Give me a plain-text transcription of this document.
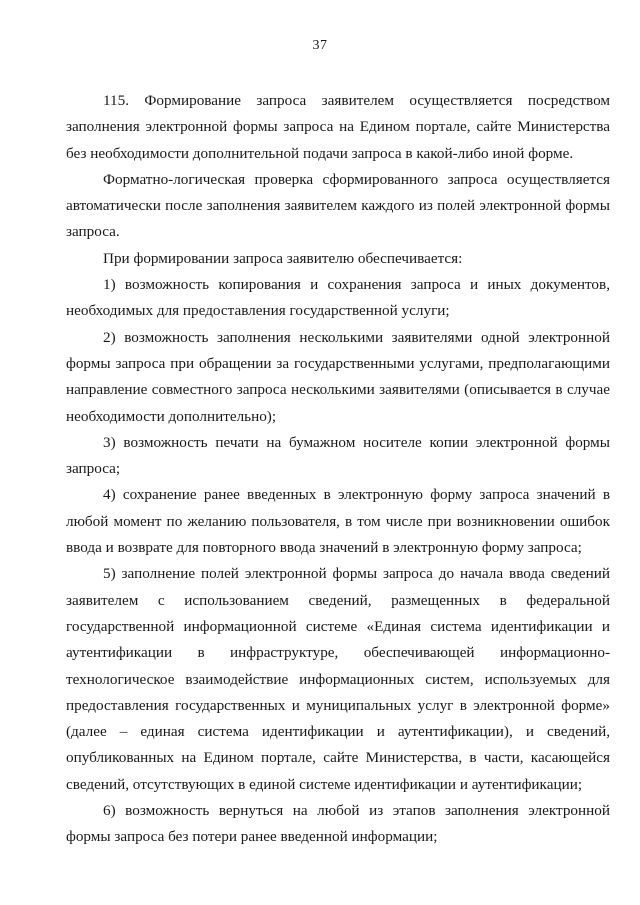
37

115. Формирование запроса заявителем осуществляется посредством заполнения электронной формы запроса на Едином портале, сайте Министерства без необходимости дополнительной подачи запроса в какой-либо иной форме.

Форматно-логическая проверка сформированного запроса осуществляется автоматически после заполнения заявителем каждого из полей электронной формы запроса.

При формировании запроса заявителю обеспечивается:

1) возможность копирования и сохранения запроса и иных документов, необходимых для предоставления государственной услуги;

2) возможность заполнения несколькими заявителями одной электронной формы запроса при обращении за государственными услугами, предполагающими направление совместного запроса несколькими заявителями (описывается в случае необходимости дополнительно);

3) возможность печати на бумажном носителе копии электронной формы запроса;

4) сохранение ранее введенных в электронную форму запроса значений в любой момент по желанию пользователя, в том числе при возникновении ошибок ввода и возврате для повторного ввода значений в электронную форму запроса;

5) заполнение полей электронной формы запроса до начала ввода сведений заявителем с использованием сведений, размещенных в федеральной государственной информационной системе «Единая система идентификации и аутентификации в инфраструктуре, обеспечивающей информационно-технологическое взаимодействие информационных систем, используемых для предоставления государственных и муниципальных услуг в электронной форме» (далее – единая система идентификации и аутентификации), и сведений, опубликованных на Едином портале, сайте Министерства, в части, касающейся сведений, отсутствующих в единой системе идентификации и аутентификации;

6) возможность вернуться на любой из этапов заполнения электронной формы запроса без потери ранее введенной информации;
